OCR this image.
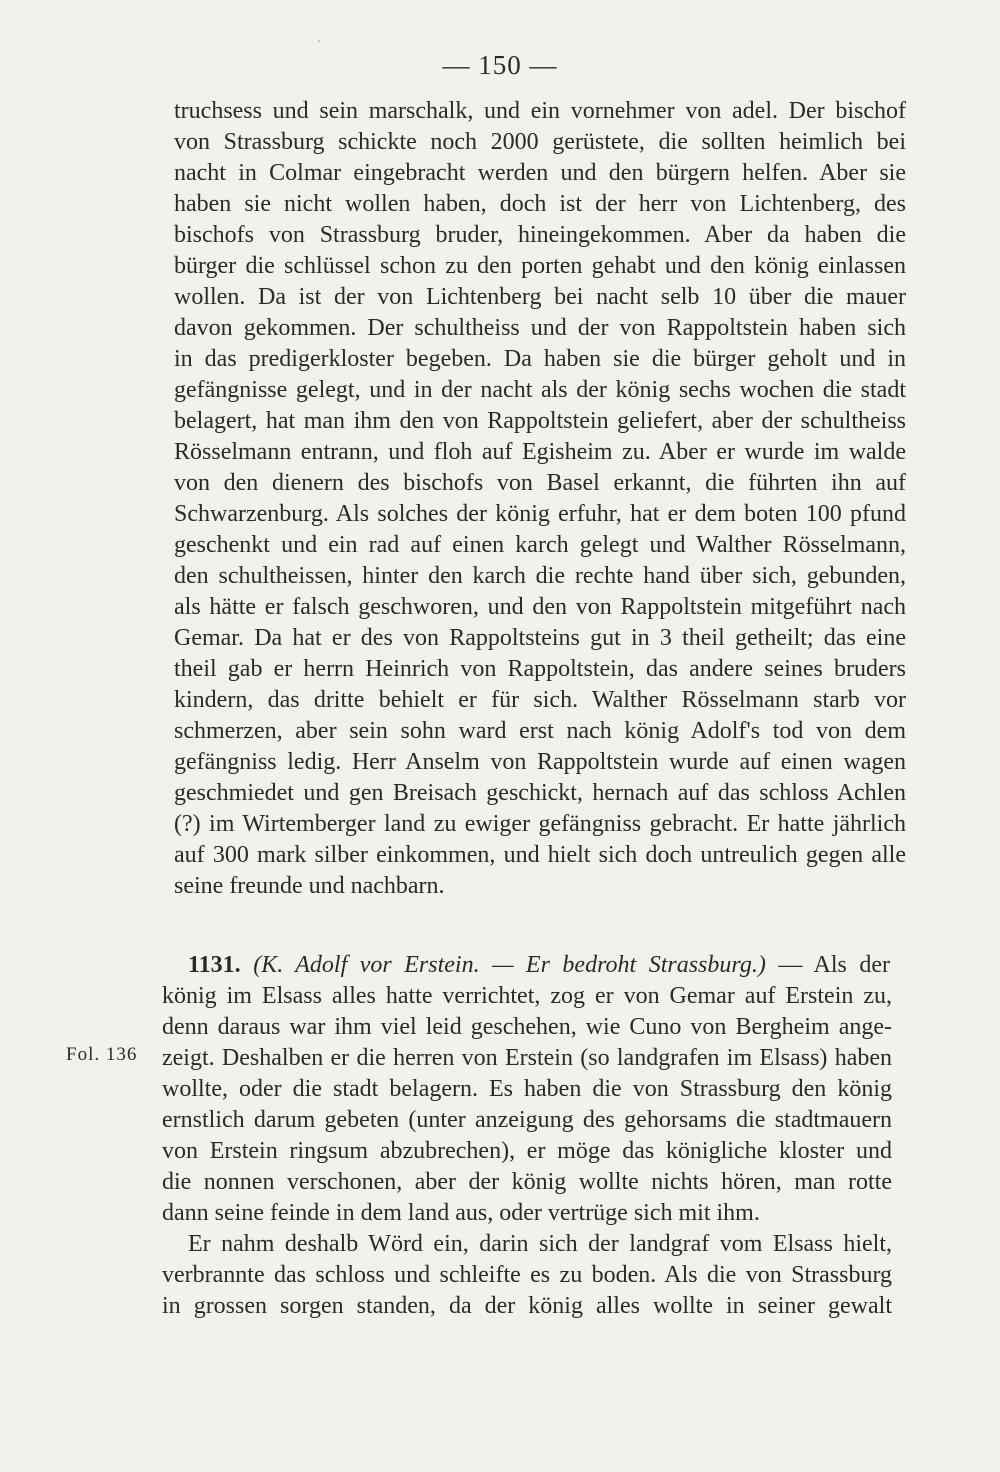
— 150 —
truchsess und sein marschalk, und ein vornehmer von adel. Der bischof
von Strassburg schickte noch 2000 gerüstete, die sollten heimlich bei
nacht in Colmar eingebracht werden und den bürgern helfen. Aber sie
haben sie nicht wollen haben, doch ist der herr von Lichtenberg, des
bischofs von Strassburg bruder, hineingekommen. Aber da haben die
bürger die schlüssel schon zu den porten gehabt und den könig einlassen
wollen. Da ist der von Lichtenberg bei nacht selb 10 über die mauer
davon gekommen. Der schultheiss und der von Rappoltstein haben sich
in das predigerkloster begeben. Da haben sie die bürger geholt und in
gefängnisse gelegt, und in der nacht als der könig sechs wochen die stadt
belagert, hat man ihm den von Rappoltstein geliefert, aber der schultheiss
Rösselmann entrann, und floh auf Egisheim zu. Aber er wurde im walde
von den dienern des bischofs von Basel erkannt, die führten ihn auf
Schwarzenburg. Als solches der könig erfuhr, hat er dem boten 100 pfund
geschenkt und ein rad auf einen karch gelegt und Walther Rösselmann,
den schultheissen, hinter den karch die rechte hand über sich, gebunden,
als hätte er falsch geschworen, und den von Rappoltstein mitgeführt nach
Gemar. Da hat er des von Rappoltsteins gut in 3 theil getheilt; das eine
theil gab er herrn Heinrich von Rappoltstein, das andere seines bruders
kindern, das dritte behielt er für sich. Walther Rösselmann starb vor
schmerzen, aber sein sohn ward erst nach könig Adolf's tod von dem
gefängniss ledig. Herr Anselm von Rappoltstein wurde auf einen wagen
geschmiedet und gen Breisach geschickt, hernach auf das schloss Achlen
(?) im Wirtemberger land zu ewiger gefängniss gebracht. Er hatte jährlich
auf 300 mark silber einkommen, und hielt sich doch untreulich gegen alle
seine freunde und nachbarn.
1131. (K. Adolf vor Erstein. — Er bedroht Strassburg.) — Als der
könig im Elsass alles hatte verrichtet, zog er von Gemar auf Erstein zu,
denn daraus war ihm viel leid geschehen, wie Cuno von Bergheim ange-
zeigt. Deshalben er die herren von Erstein (so landgrafen im Elsass) haben
wollte, oder die stadt belagern. Es haben die von Strassburg den könig
ernstlich darum gebeten (unter anzeigung des gehorsams die stadtmauern
von Erstein ringsum abzubrechen), er möge das königliche kloster und
die nonnen verschonen, aber der könig wollte nichts hören, man rotte
dann seine feinde in dem land aus, oder vertrüge sich mit ihm.
Er nahm deshalb Wörd ein, darin sich der landgraf vom Elsass hielt,
verbrannte das schloss und schleifte es zu boden. Als die von Strassburg
in grossen sorgen standen, da der könig alles wollte in seiner gewalt
Fol. 136
